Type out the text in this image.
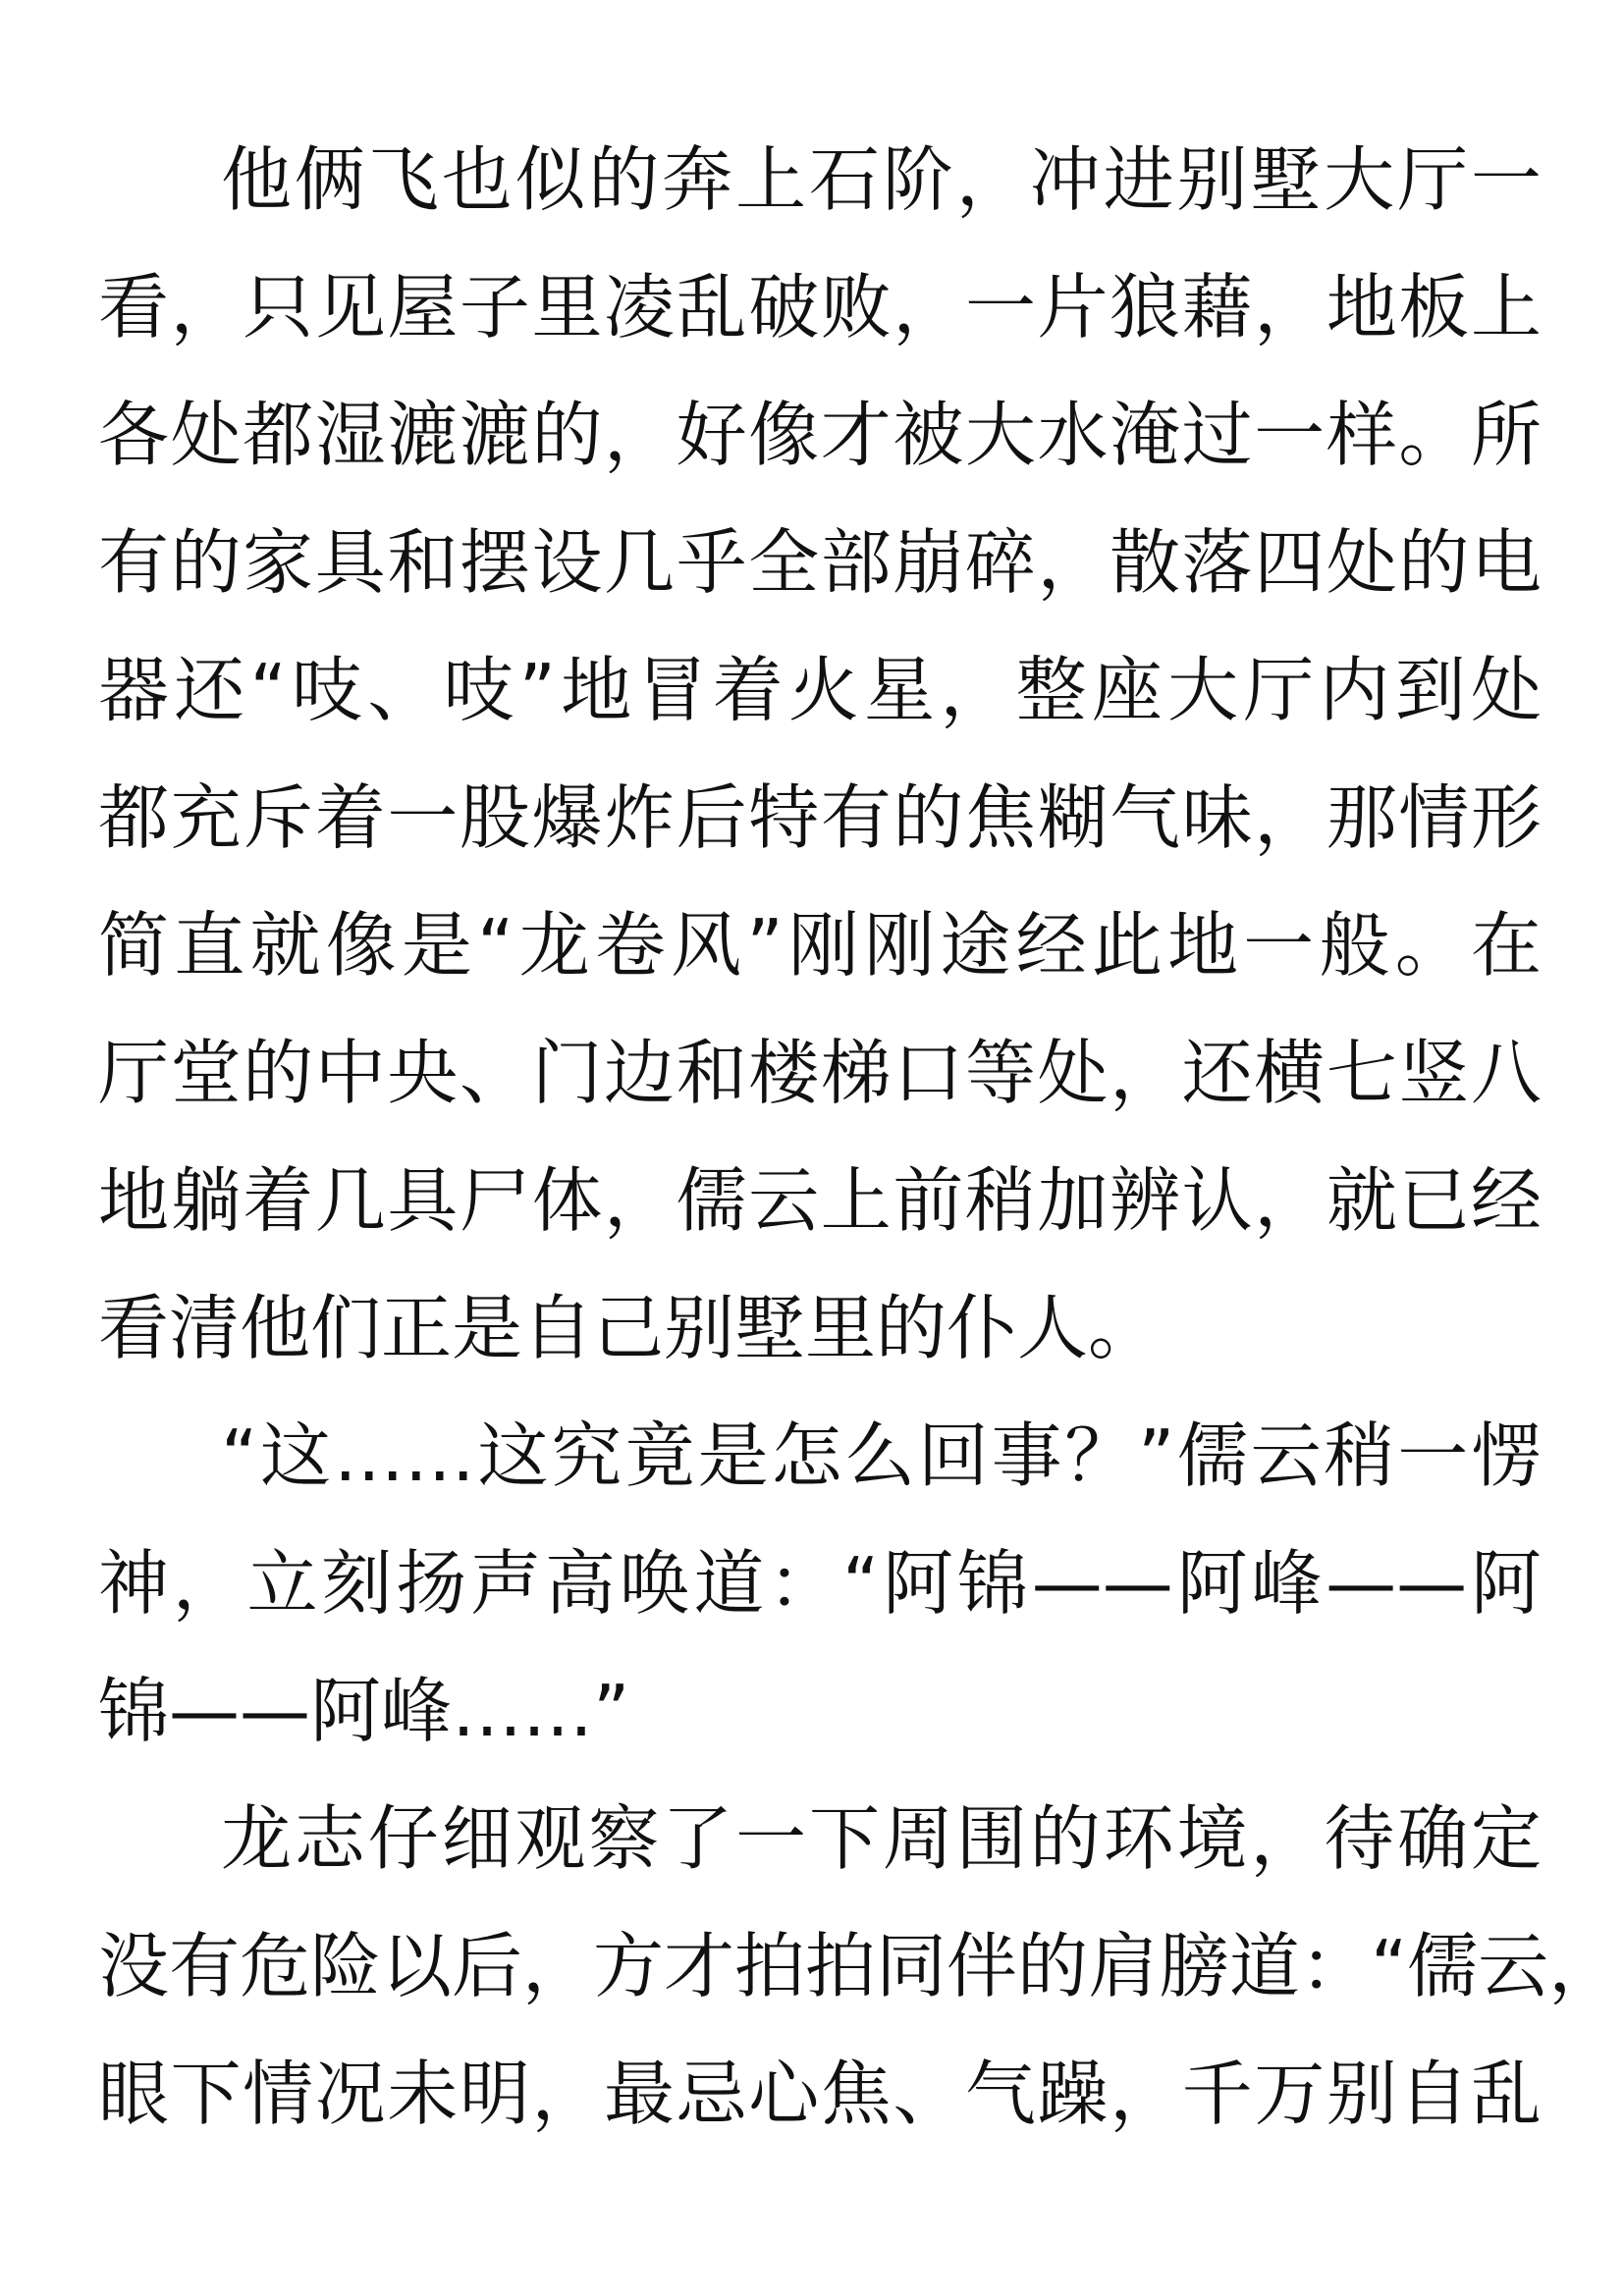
他俩飞也似的奔上石阶，冲进别墅大厅一
看，只见屋子里凌乱破败，一片狼藉，地板上
各处都湿漉漉的，好像才被大水淹过一样。所
有的家具和摆设几乎全部崩碎，散落四处的电
器还“吱、吱”地冒着火星，整座大厅内到处
都充斥着一股爆炸后特有的焦糊气味，那情形
简直就像是“龙卷风”刚刚途经此地一般。在
厅堂的中央、门边和楼梯口等处，还横七竖八
地躺着几具尸体，儒云上前稍加辨认，就已经
看清他们正是自己别墅里的仆人。
“这……这究竟是怎么回事？”儒云稍一愣
神，立刻扬声高唤道：“阿锦——阿峰——阿
锦——阿峰……”
龙志仔细观察了一下周围的环境，待确定
没有危险以后，方才拍拍同伴的肩膀道：“儒云，
眼下情况未明，最忌心焦、气躁，千万别自乱
